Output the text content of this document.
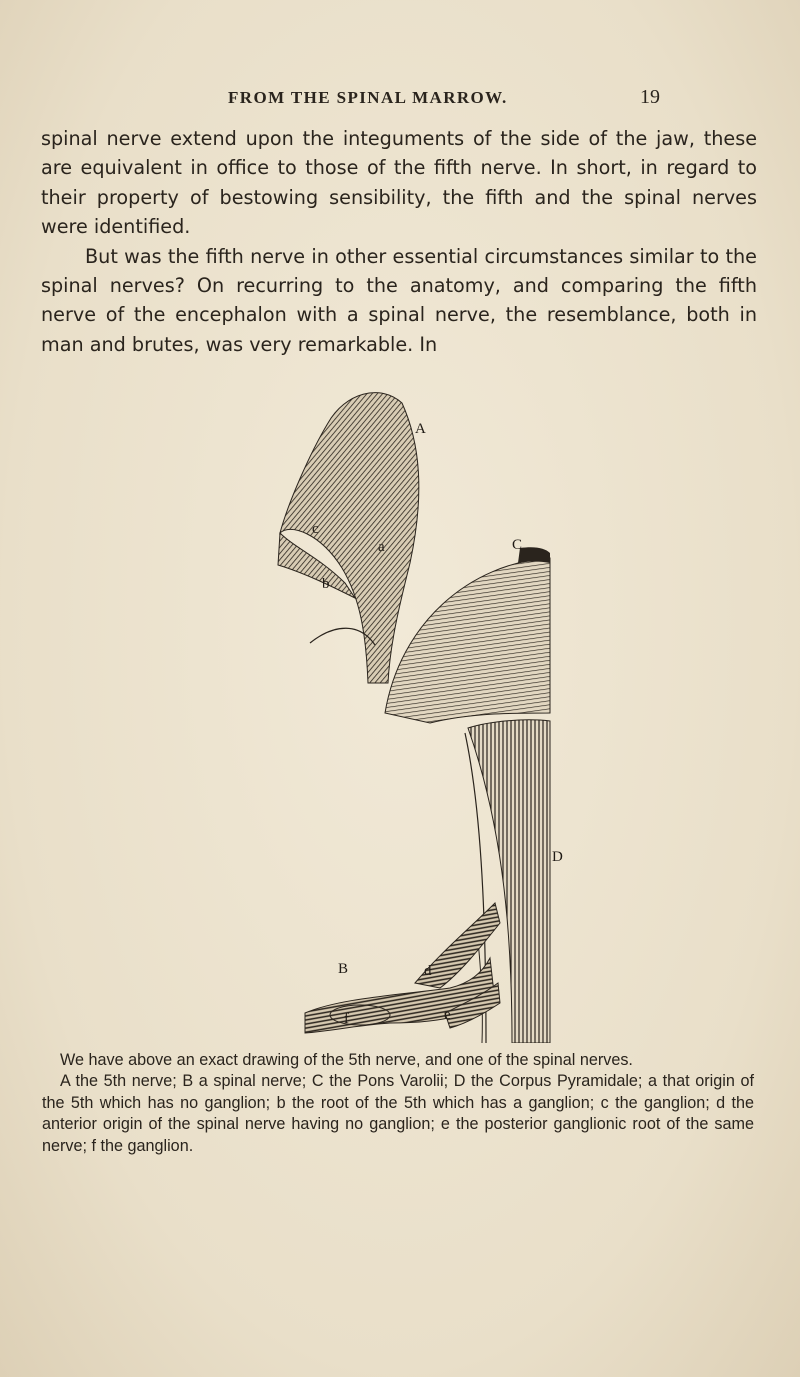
FROM THE SPINAL MARROW.	19

spinal nerve extend upon the integuments of the side of the jaw, these are equivalent in office to those of the fifth nerve. In short, in regard to their property of bestowing sensibility, the fifth and the spinal nerves were identified.

But was the fifth nerve in other essential circumstances similar to the spinal nerves? On recurring to the anatomy, and comparing the fifth nerve of the encephalon with a spinal nerve, the resemblance, both in man and brutes, was very remarkable. In

A
c
a
b
C
D
B	d
f	e

We have above an exact drawing of the 5th nerve, and one of the spinal nerves.

A the 5th nerve; B a spinal nerve; C the Pons Varolii; D the Corpus Pyramidale; a that origin of the 5th which has no ganglion; b the root of the 5th which has a ganglion; c the ganglion; d the anterior origin of the spinal nerve having no ganglion; e the posterior ganglionic root of the same nerve; f the ganglion.
